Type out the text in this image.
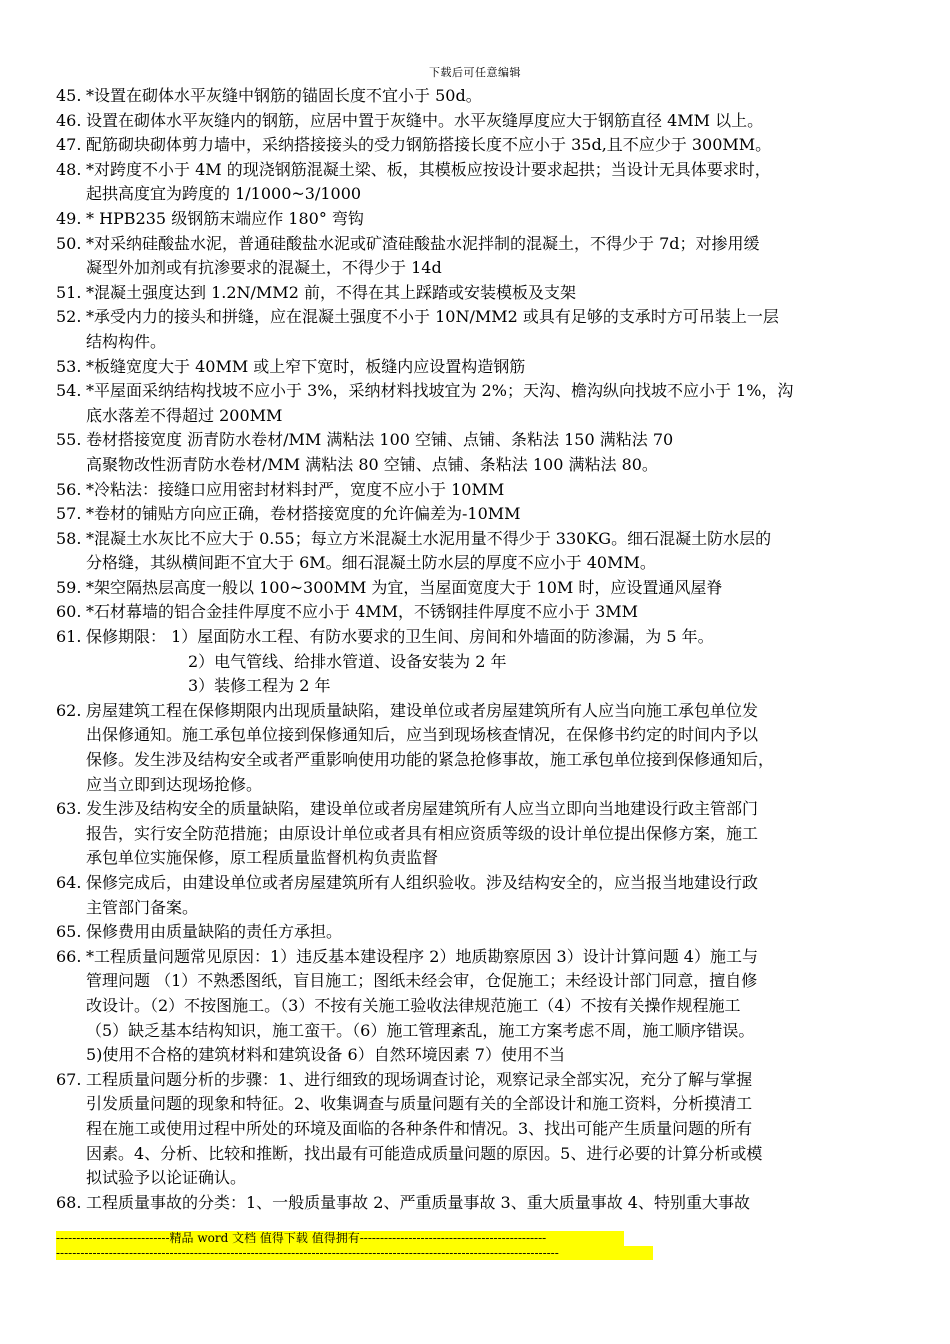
下载后可任意编辑
45. *设置在砌体水平灰缝中钢筋的锚固长度不宜小于 50d。
46. 设置在砌体水平灰缝内的钢筋，应居中置于灰缝中。水平灰缝厚度应大于钢筋直径 4MM 以上。
47. 配筋砌块砌体剪力墙中，采纳搭接接头的受力钢筋搭接长度不应小于 35d,且不应少于 300MM。
48. *对跨度不小于 4M 的现浇钢筋混凝土梁、板，其模板应按设计要求起拱；当设计无具体要求时，
起拱高度宜为跨度的 1/1000~3/1000
49. * HPB235 级钢筋末端应作 180° 弯钩
50. *对采纳硅酸盐水泥，普通硅酸盐水泥或矿渣硅酸盐水泥拌制的混凝土，不得少于 7d；对掺用缓
凝型外加剂或有抗渗要求的混凝土，不得少于 14d
51. *混凝土强度达到 1.2N/MM2 前，不得在其上踩踏或安装模板及支架
52. *承受内力的接头和拼缝，应在混凝土强度不小于 10N/MM2 或具有足够的支承时方可吊装上一层
结构构件。
53. *板缝宽度大于 40MM 或上窄下宽时，板缝内应设置构造钢筋
54. *平屋面采纳结构找坡不应小于 3%，采纳材料找坡宜为 2%；天沟、檐沟纵向找坡不应小于 1%，沟
底水落差不得超过 200MM
55. 卷材搭接宽度 沥青防水卷材/MM 满粘法 100 空铺、点铺、条粘法 150 满粘法 70
高聚物改性沥青防水卷材/MM 满粘法 80 空铺、点铺、条粘法 100 满粘法 80。
56. *冷粘法：接缝口应用密封材料封严，宽度不应小于 10MM
57. *卷材的铺贴方向应正确，卷材搭接宽度的允许偏差为-10MM
58. *混凝土水灰比不应大于 0.55；每立方米混凝土水泥用量不得少于 330KG。细石混凝土防水层的
分格缝，其纵横间距不宜大于 6M。细石混凝土防水层的厚度不应小于 40MM。
59. *架空隔热层高度一般以 100~300MM 为宜，当屋面宽度大于 10M 时，应设置通风屋脊
60. *石材幕墙的铝合金挂件厚度不应小于 4MM，不锈钢挂件厚度不应小于 3MM
61. 保修期限： 1）屋面防水工程、有防水要求的卫生间、房间和外墙面的防渗漏，为 5 年。
2）电气管线、给排水管道、设备安装为 2 年
3）装修工程为 2 年
62. 房屋建筑工程在保修期限内出现质量缺陷，建设单位或者房屋建筑所有人应当向施工承包单位发
出保修通知。施工承包单位接到保修通知后，应当到现场核查情况，在保修书约定的时间内予以
保修。发生涉及结构安全或者严重影响使用功能的紧急抢修事故，施工承包单位接到保修通知后，
应当立即到达现场抢修。
63. 发生涉及结构安全的质量缺陷，建设单位或者房屋建筑所有人应当立即向当地建设行政主管部门
报告，实行安全防范措施；由原设计单位或者具有相应资质等级的设计单位提出保修方案，施工
承包单位实施保修，原工程质量监督机构负责监督
64. 保修完成后，由建设单位或者房屋建筑所有人组织验收。涉及结构安全的，应当报当地建设行政
主管部门备案。
65. 保修费用由质量缺陷的责任方承担。
66. *工程质量问题常见原因：1）违反基本建设程序 2）地质勘察原因 3）设计计算问题 4）施工与
管理问题 （1）不熟悉图纸，盲目施工；图纸未经会审，仓促施工；未经设计部门同意，擅自修
改设计。（2）不按图施工。（3）不按有关施工验收法律规范施工（4）不按有关操作规程施工
（5）缺乏基本结构知识，施工蛮干。（6）施工管理紊乱，施工方案考虑不周，施工顺序错误。
5)使用不合格的建筑材料和建筑设备 6）自然环境因素 7）使用不当
67. 工程质量问题分析的步骤：1、进行细致的现场调查讨论，观察记录全部实况，充分了解与掌握
引发质量问题的现象和特征。2、收集调查与质量问题有关的全部设计和施工资料，分析摸清工
程在施工或使用过程中所处的环境及面临的各种条件和情况。3、找出可能产生质量问题的所有
因素。4、分析、比较和推断，找出最有可能造成质量问题的原因。5、进行必要的计算分析或模
拟试验予以论证确认。
68. 工程质量事故的分类：1、一般质量事故 2、严重质量事故 3、重大质量事故 4、特别重大事故
----------------------------精品 word 文档 值得下载 值得拥有----------------------------------------------
----------------------------------------------------------------------------------------------------------------------------
